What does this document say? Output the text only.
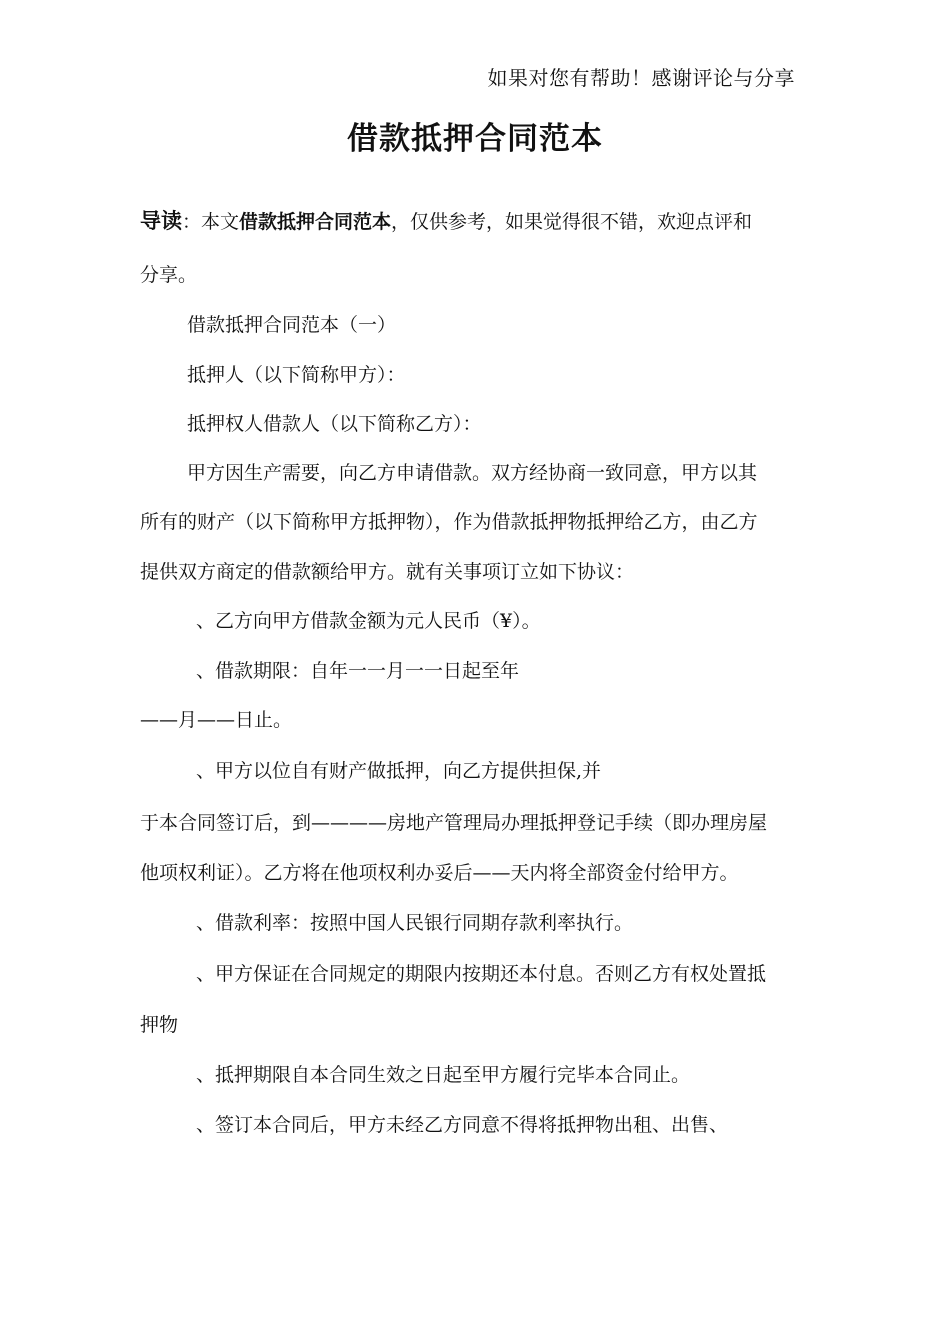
如果对您有帮助！感谢评论与分享
借款抵押合同范本
导读：本文借款抵押合同范本，仅供参考，如果觉得很不错，欢迎点评和
分享。
借款抵押合同范本（一）
抵押人（以下简称甲方）：
抵押权人借款人（以下简称乙方）：
甲方因生产需要，向乙方申请借款。双方经协商一致同意，甲方以其
所有的财产（以下简称甲方抵押物），作为借款抵押物抵押给乙方，由乙方
提供双方商定的借款额给甲方。就有关事项订立如下协议：
、乙方向甲方借款金额为元人民币（¥）。
、借款期限：自年一一月一一日起至年
——月——日止。
、甲方以位自有财产做抵押，向乙方提供担保,并
于本合同签订后，到————房地产管理局办理抵押登记手续（即办理房屋
他项权利证）。乙方将在他项权利办妥后——天内将全部资金付给甲方。
、借款利率：按照中国人民银行同期存款利率执行。
、甲方保证在合同规定的期限内按期还本付息。否则乙方有权处置抵
押物
、抵押期限自本合同生效之日起至甲方履行完毕本合同止。
、签订本合同后，甲方未经乙方同意不得将抵押物出租、出售、
